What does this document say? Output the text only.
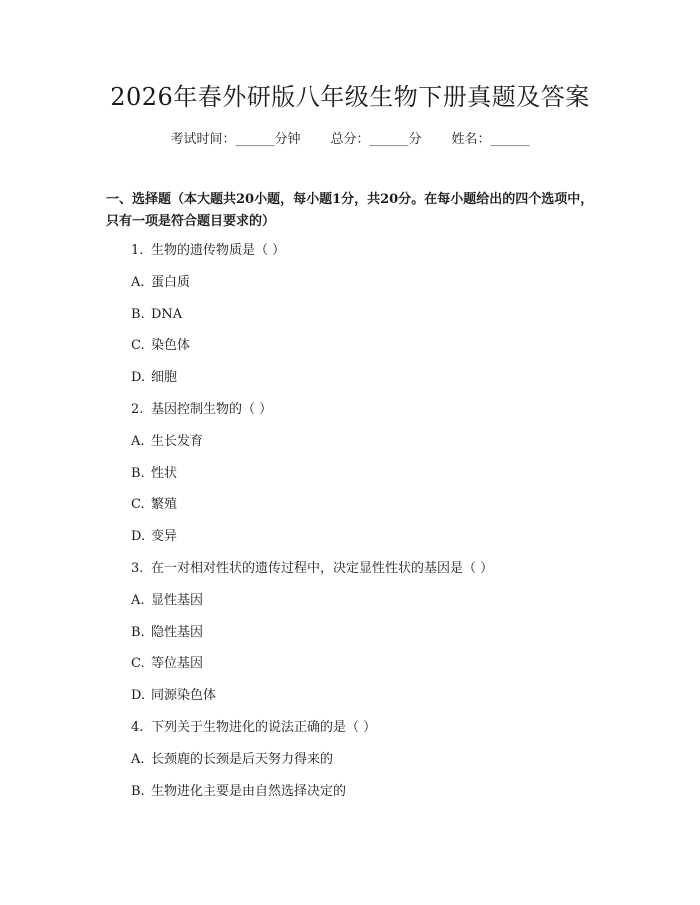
2026年春外研版八年级生物下册真题及答案
考试时间：______分钟 总分：______分 姓名：______
一、选择题（本大题共20小题，每小题1分，共20分。在每小题给出的四个选项中，只有一项是符合题目要求的）
1. 生物的遗传物质是（ ）
A. 蛋白质
B. DNA
C. 染色体
D. 细胞
2. 基因控制生物的（ ）
A. 生长发育
B. 性状
C. 繁殖
D. 变异
3. 在一对相对性状的遗传过程中，决定显性性状的基因是（ ）
A. 显性基因
B. 隐性基因
C. 等位基因
D. 同源染色体
4. 下列关于生物进化的说法正确的是（ ）
A. 长颈鹿的长颈是后天努力得来的
B. 生物进化主要是由自然选择决定的
